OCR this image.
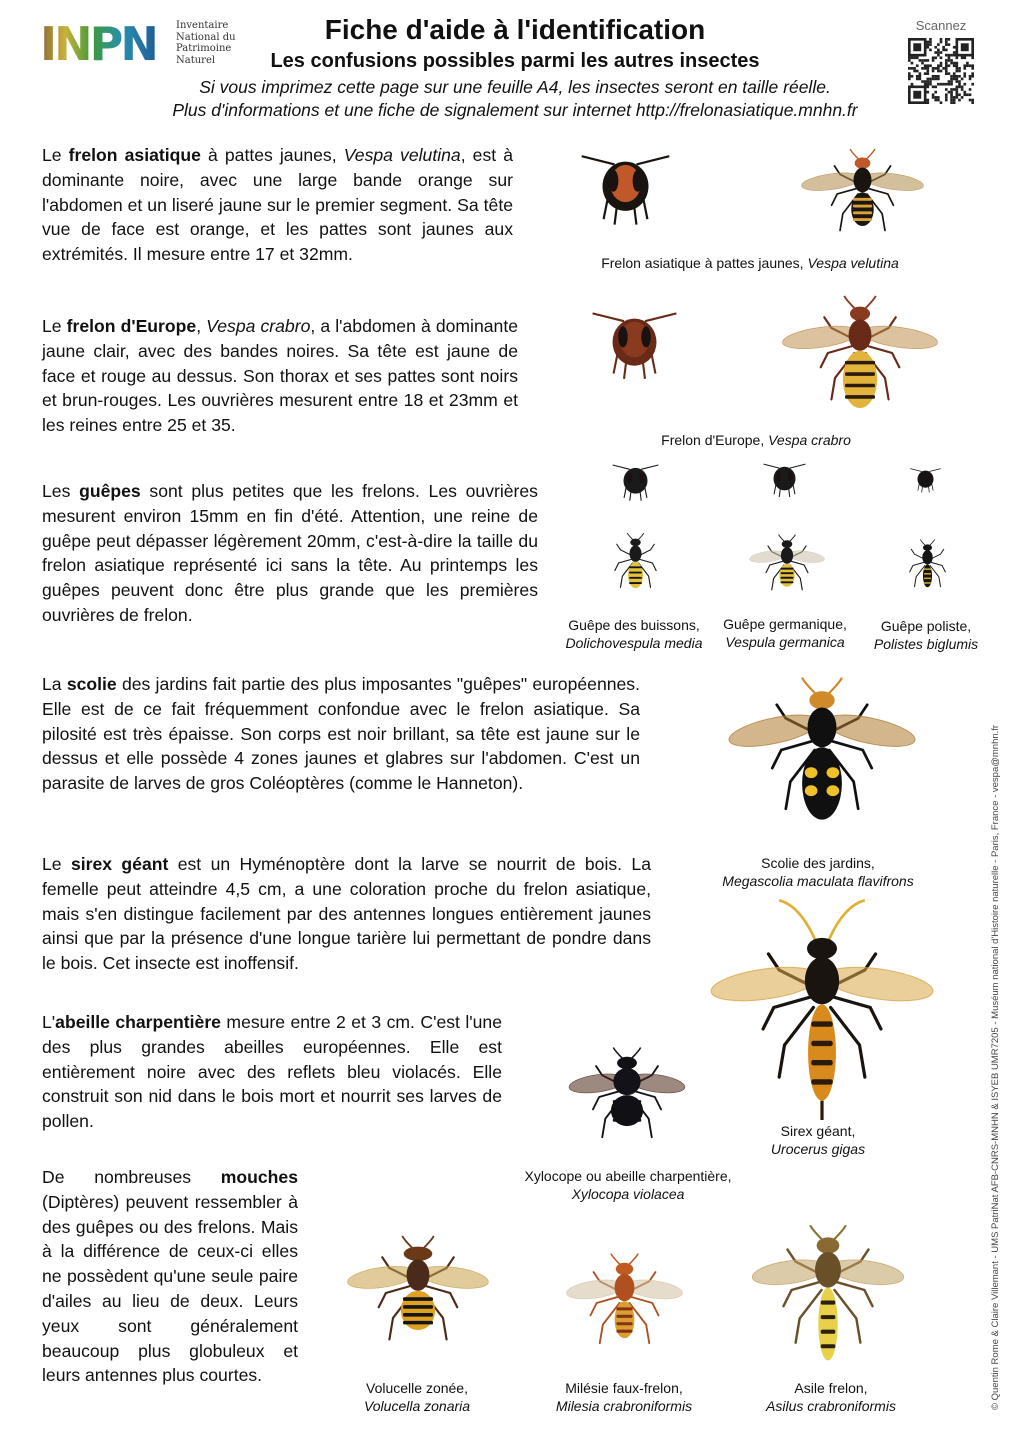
INPN Inventaire
National du
Patrimoine
Naturel
Fiche d'aide à l'identification
Les confusions possibles parmi les autres insectes
Si vous imprimez cette page sur une feuille A4, les insectes seront en taille réelle.
Plus d'informations et une fiche de signalement sur internet http://frelonasiatique.mnhn.fr
Scannez
Le frelon asiatique à pattes jaunes, Vespa velutina, est à dominante noire, avec une large bande orange sur l'abdomen et un liseré jaune sur le premier segment. Sa tête vue de face est orange, et les pattes sont jaunes aux extrémités. Il mesure entre 17 et 32mm.
Le frelon d'Europe, Vespa crabro, a l'abdomen à dominante jaune clair, avec des bandes noires. Sa tête est jaune de face et rouge au dessus. Son thorax et ses pattes sont noirs et brun-rouges. Les ouvrières mesurent entre 18 et 23mm et les reines entre 25 et 35.
Les guêpes sont plus petites que les frelons. Les ouvrières mesurent environ 15mm en fin d'été. Attention, une reine de guêpe peut dépasser légèrement 20mm, c'est-à-dire la taille du frelon asiatique représenté ici sans la tête. Au printemps les guêpes peuvent donc être plus grande que les premières ouvrières de frelon.
La scolie des jardins fait partie des plus imposantes "guêpes" européennes. Elle est de ce fait fréquemment confondue avec le frelon asiatique. Sa pilosité est très épaisse. Son corps est noir brillant, sa tête est jaune sur le dessus et elle possède 4 zones jaunes et glabres sur l'abdomen. C'est un parasite de larves de gros Coléoptères (comme le Hanneton).
Le sirex géant est un Hyménoptère dont la larve se nourrit de bois. La femelle peut atteindre 4,5 cm, a une coloration proche du frelon asiatique, mais s'en distingue facilement par des antennes longues entièrement jaunes ainsi que par la présence d'une longue tarière lui permettant de pondre dans le bois. Cet insecte est inoffensif.
L'abeille charpentière mesure entre 2 et 3 cm. C'est l'une des plus grandes abeilles européennes. Elle est entièrement noire avec des reflets bleu violacés. Elle construit son nid dans le bois mort et nourrit ses larves de pollen.
De nombreuses mouches (Diptères) peuvent ressembler à des guêpes ou des frelons. Mais à la différence de ceux-ci elles ne possèdent qu'une seule paire d'ailes au lieu de deux. Leurs yeux sont généralement beaucoup plus globuleux et leurs antennes plus courtes.
Frelon asiatique à pattes jaunes, Vespa velutina
Frelon d'Europe, Vespa crabro
Guêpe des buissons,
Dolichovespula media
Guêpe germanique,
Vespula germanica
Guêpe poliste,
Polistes biglumis
Scolie des jardins,
Megascolia maculata flavifrons
Sirex géant,
Urocerus gigas
Xylocope ou abeille charpentière,
Xylocopa violacea
Volucelle zonée,
Volucella zonaria
Milésie faux-frelon,
Milesia crabroniformis
Asile frelon,
Asilus crabroniformis	© Quentin Rome & Claire Villemant - UMS PatriNat AFB-CNRS-MNHN & ISYEB UMR7205 - Muséum national d'Histoire naturelle - Paris, France - vespa@mnhn.fr
